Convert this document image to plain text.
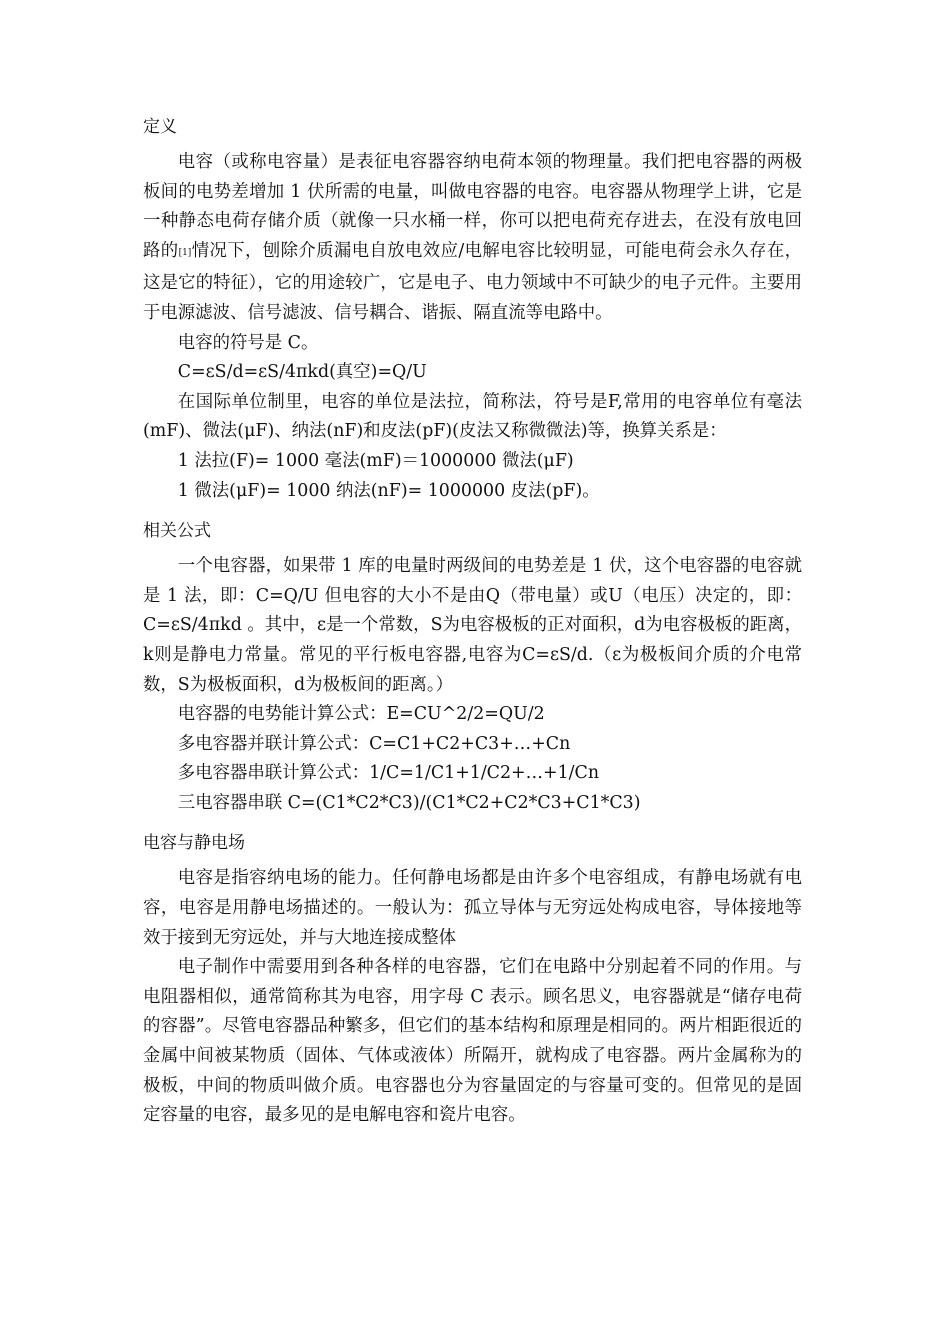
定义

电容（或称电容量）是表征电容器容纳电荷本领的物理量。我们把电容器的两极板间的电势差增加 1 伏所需的电量，叫做电容器的电容。电容器从物理学上讲，它是一种静态电荷存储介质（就像一只水桶一样，你可以把电荷充存进去，在没有放电回路的[1]情况下，刨除介质漏电自放电效应/电解电容比较明显，可能电荷会永久存在，这是它的特征），它的用途较广，它是电子、电力领域中不可缺少的电子元件。主要用于电源滤波、信号滤波、信号耦合、谐振、隔直流等电路中。

电容的符号是 C。

C=εS/d=εS/4πkd(真空)=Q/U

在国际单位制里，电容的单位是法拉，简称法，符号是F,常用的电容单位有毫法(mF)、微法(μF)、纳法(nF)和皮法(pF)(皮法又称微微法)等，换算关系是：

1 法拉(F)= 1000 毫法(mF)＝1000000 微法(μF)

1 微法(μF)= 1000 纳法(nF)= 1000000 皮法(pF)。

相关公式

一个电容器，如果带 1 库的电量时两级间的电势差是 1 伏，这个电容器的电容就是 1 法，即：C=Q/U 但电容的大小不是由Q（带电量）或U（电压）决定的，即：C=εS/4πkd 。其中，ε是一个常数，S为电容极板的正对面积，d为电容极板的距离， k则是静电力常量。常见的平行板电容器,电容为C=εS/d.（ε为极板间介质的介电常数，S为极板面积，d为极板间的距离。）

电容器的电势能计算公式：E=CU^2/2=QU/2

多电容器并联计算公式：C=C1+C2+C3+…+Cn

多电容器串联计算公式：1/C=1/C1+1/C2+…+1/Cn

三电容器串联 C=(C1*C2*C3)/(C1*C2+C2*C3+C1*C3)

电容与静电场

电容是指容纳电场的能力。任何静电场都是由许多个电容组成，有静电场就有电容，电容是用静电场描述的。一般认为：孤立导体与无穷远处构成电容，导体接地等效于接到无穷远处，并与大地连接成整体

电子制作中需要用到各种各样的电容器，它们在电路中分别起着不同的作用。与电阻器相似，通常简称其为电容，用字母 C 表示。顾名思义，电容器就是“储存电荷的容器”。尽管电容器品种繁多，但它们的基本结构和原理是相同的。两片相距很近的金属中间被某物质（固体、气体或液体）所隔开，就构成了电容器。两片金属称为的极板，中间的物质叫做介质。电容器也分为容量固定的与容量可变的。但常见的是固定容量的电容，最多见的是电解电容和瓷片电容。
